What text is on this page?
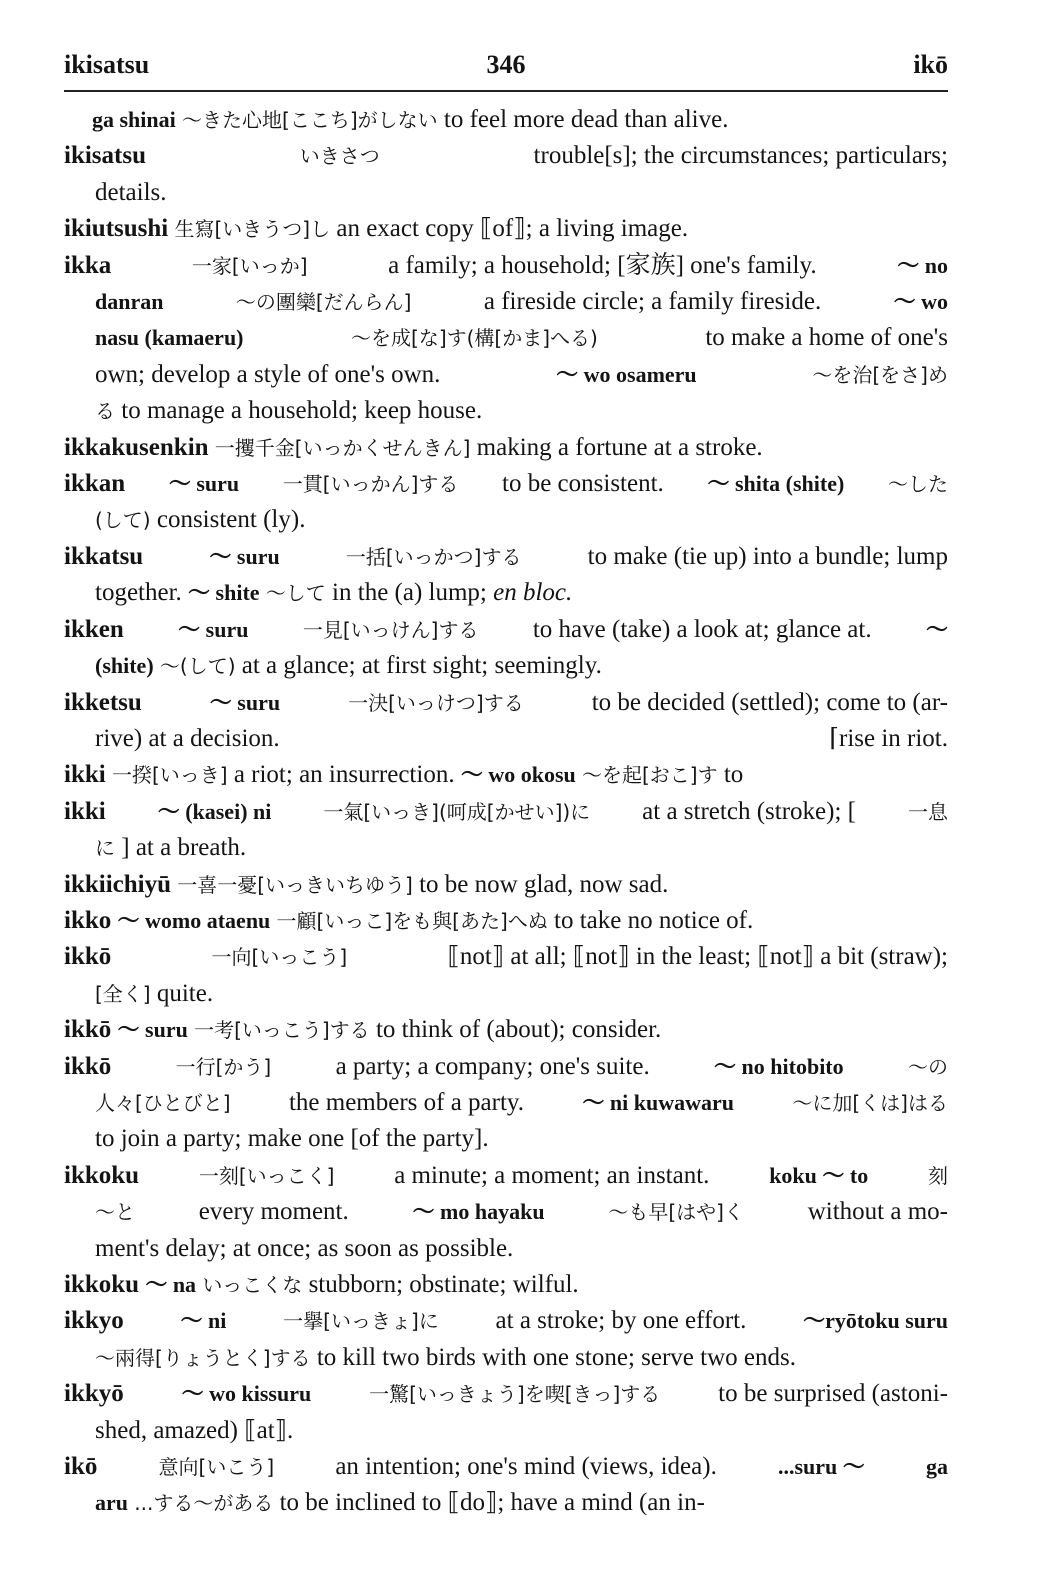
ikisatsu	346	ikō
ga shinai 〜きた心地[ここち]がしない to feel more dead than alive.
ikisatsu	いきさつ	trouble[s]; the circumstances; particulars;
details.
ikiutsushi 生寫[いきうつ]し an exact copy ⟦of⟧; a living image.
ikka	一家[いっか]	a family; a household; [家族] one's family.	〜 no
danran	〜の團欒[だんらん]	a fireside circle; a family fireside.	〜 wo
nasu (kamaeru)	〜を成[な]す(構[かま]へる)	to make a home of one's
own; develop a style of one's own.	〜 wo osameru	〜を治[をさ]め
る to manage a household; keep house.
ikkakusenkin 一攫千金[いっかくせんきん] making a fortune at a stroke.
ikkan 〜 suru 一貫[いっかん]する to be consistent. 〜 shita (shite) 〜した
(して) consistent (ly).
ikkatsu	〜 suru	一括[いっかつ]する	to make (tie up) into a bundle; lump
together. 〜 shite 〜して in the (a) lump; en bloc.
ikken 〜 suru	一見[いっけん]する to have (take) a look at; glance at. 〜
(shite) 〜(して) at a glance; at first sight; seemingly.
ikketsu	〜 suru	一決[いっけつ]する	to be decided (settled); come to (ar-
rive) at a decision.	⌈rise in riot.
ikki 一揆[いっき] a riot; an insurrection. 〜 wo okosu 〜を起[おこ]す to
ikki 〜 (kasei) ni	一氣[いっき](呵成[かせい])に at a stretch (stroke); [	一息
に ] at a breath.
ikkiichiyū 一喜一憂[いっきいちゆう] to be now glad, now sad.
ikko 〜 womo ataenu 一顧[いっこ]をも與[あた]へぬ to take no notice of.
ikkō	一向[いっこう]	⟦not⟧ at all; ⟦not⟧ in the least; ⟦not⟧ a bit (straw);
[全く] quite.
ikkō 〜 suru 一考[いっこう]する to think of (about); consider.
ikkō	一行[かう]	a party; a company; one's suite.	〜 no hitobito	〜の
人々[ひとびと] the members of a party.	〜 ni kuwawaru	〜に加[くは]はる
to join a party; make one [of the party].
ikkoku	一刻[いっこく] a minute; a moment; an instant.	koku 〜 to	刻
〜と	every moment.	〜 mo hayaku	〜も早[はや]く	without a mo-
ment's delay; at once; as soon as possible.
ikkoku 〜 na いっこくな stubborn; obstinate; wilful.
ikkyo	〜 ni	一擧[いっきょ]に at a stroke; by one effort.	〜ryōtoku suru
〜兩得[りょうとく]する to kill two birds with one stone; serve two ends.
ikkyō	〜 wo kissuru	一驚[いっきょう]を喫[きっ]する to be surprised (astoni-
shed, amazed) ⟦at⟧.
ikō	意向[いこう] an intention; one's mind (views, idea).	...suru 〜	ga
aru ...する〜がある to be inclined to ⟦do⟧; have a mind (an in-
